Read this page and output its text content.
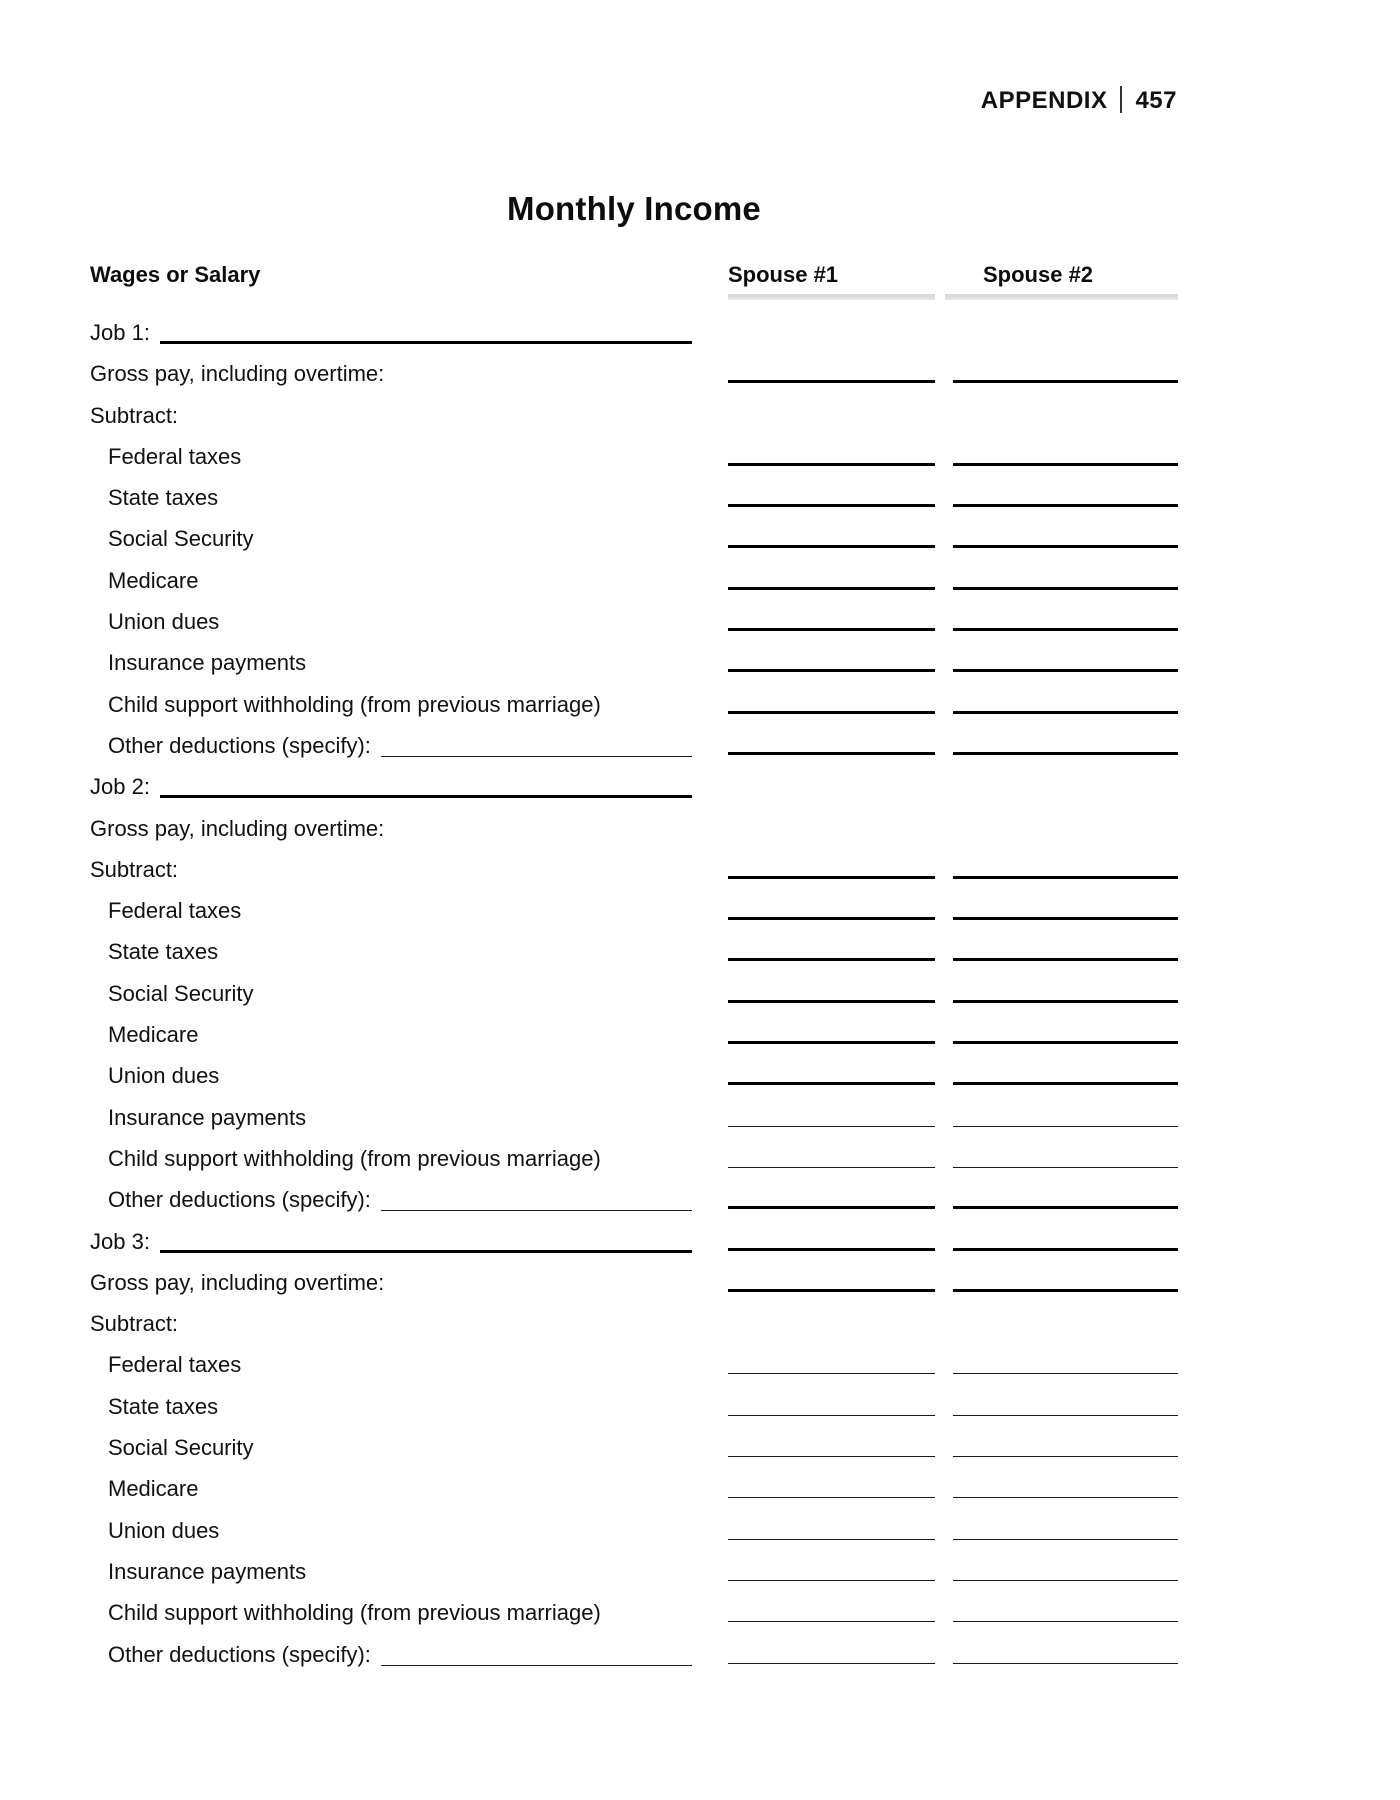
APPENDIX 457
Monthly Income
Wages or Salary	Spouse #1	Spouse #2
Job 1:
Gross pay, including overtime:
Subtract:
Federal taxes
State taxes
Social Security
Medicare
Union dues
Insurance payments
Child support withholding (from previous marriage)
Other deductions (specify):
Job 2:
Gross pay, including overtime:
Subtract:
Federal taxes
State taxes
Social Security
Medicare
Union dues
Insurance payments
Child support withholding (from previous marriage)
Other deductions (specify):
Job 3:
Gross pay, including overtime:
Subtract:
Federal taxes
State taxes
Social Security
Medicare
Union dues
Insurance payments
Child support withholding (from previous marriage)
Other deductions (specify):
